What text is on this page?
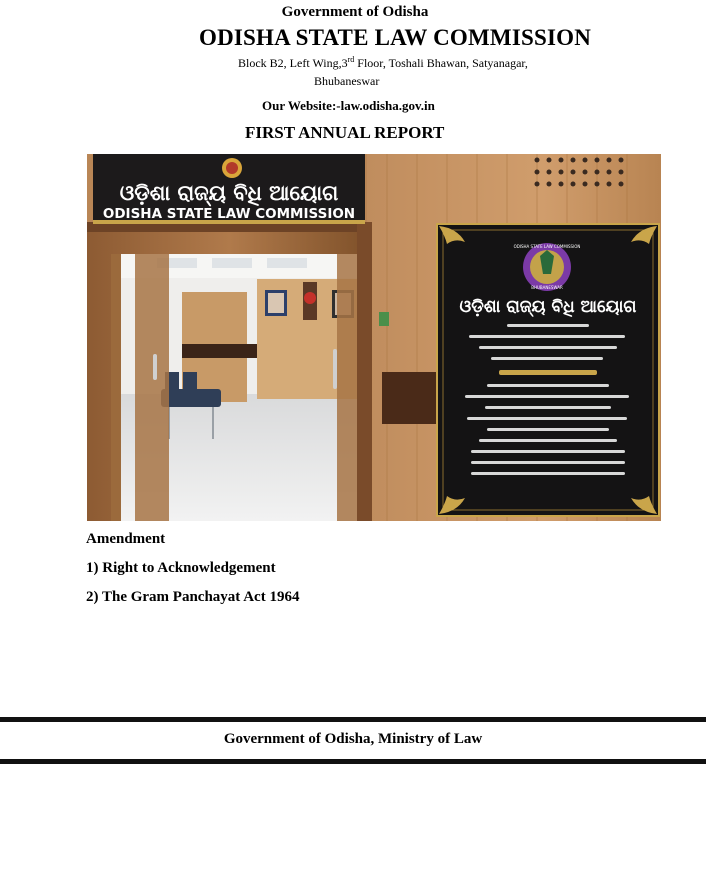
Government of Odisha
ODISHA STATE LAW COMMISSION
Block B2, Left Wing,3rd Floor, Toshali Bhawan, Satyanagar,
Bhubaneswar
Our Website:-law.odisha.gov.in
FIRST ANNUAL REPORT
ଓଡ଼ିଶା ରାଜ୍ୟ ବିଧି ଆୟୋଗ
ODISHA STATE LAW COMMISSION
ODISHA STATE LAW COMMISSION
BHUBANESWAR
ଓଡ଼ିଶା ରାଜ୍ୟ ବିଧି ଆୟୋଗ
Amendment
1) Right to Acknowledgement
2) The Gram Panchayat Act 1964
Government of Odisha, Ministry of Law
